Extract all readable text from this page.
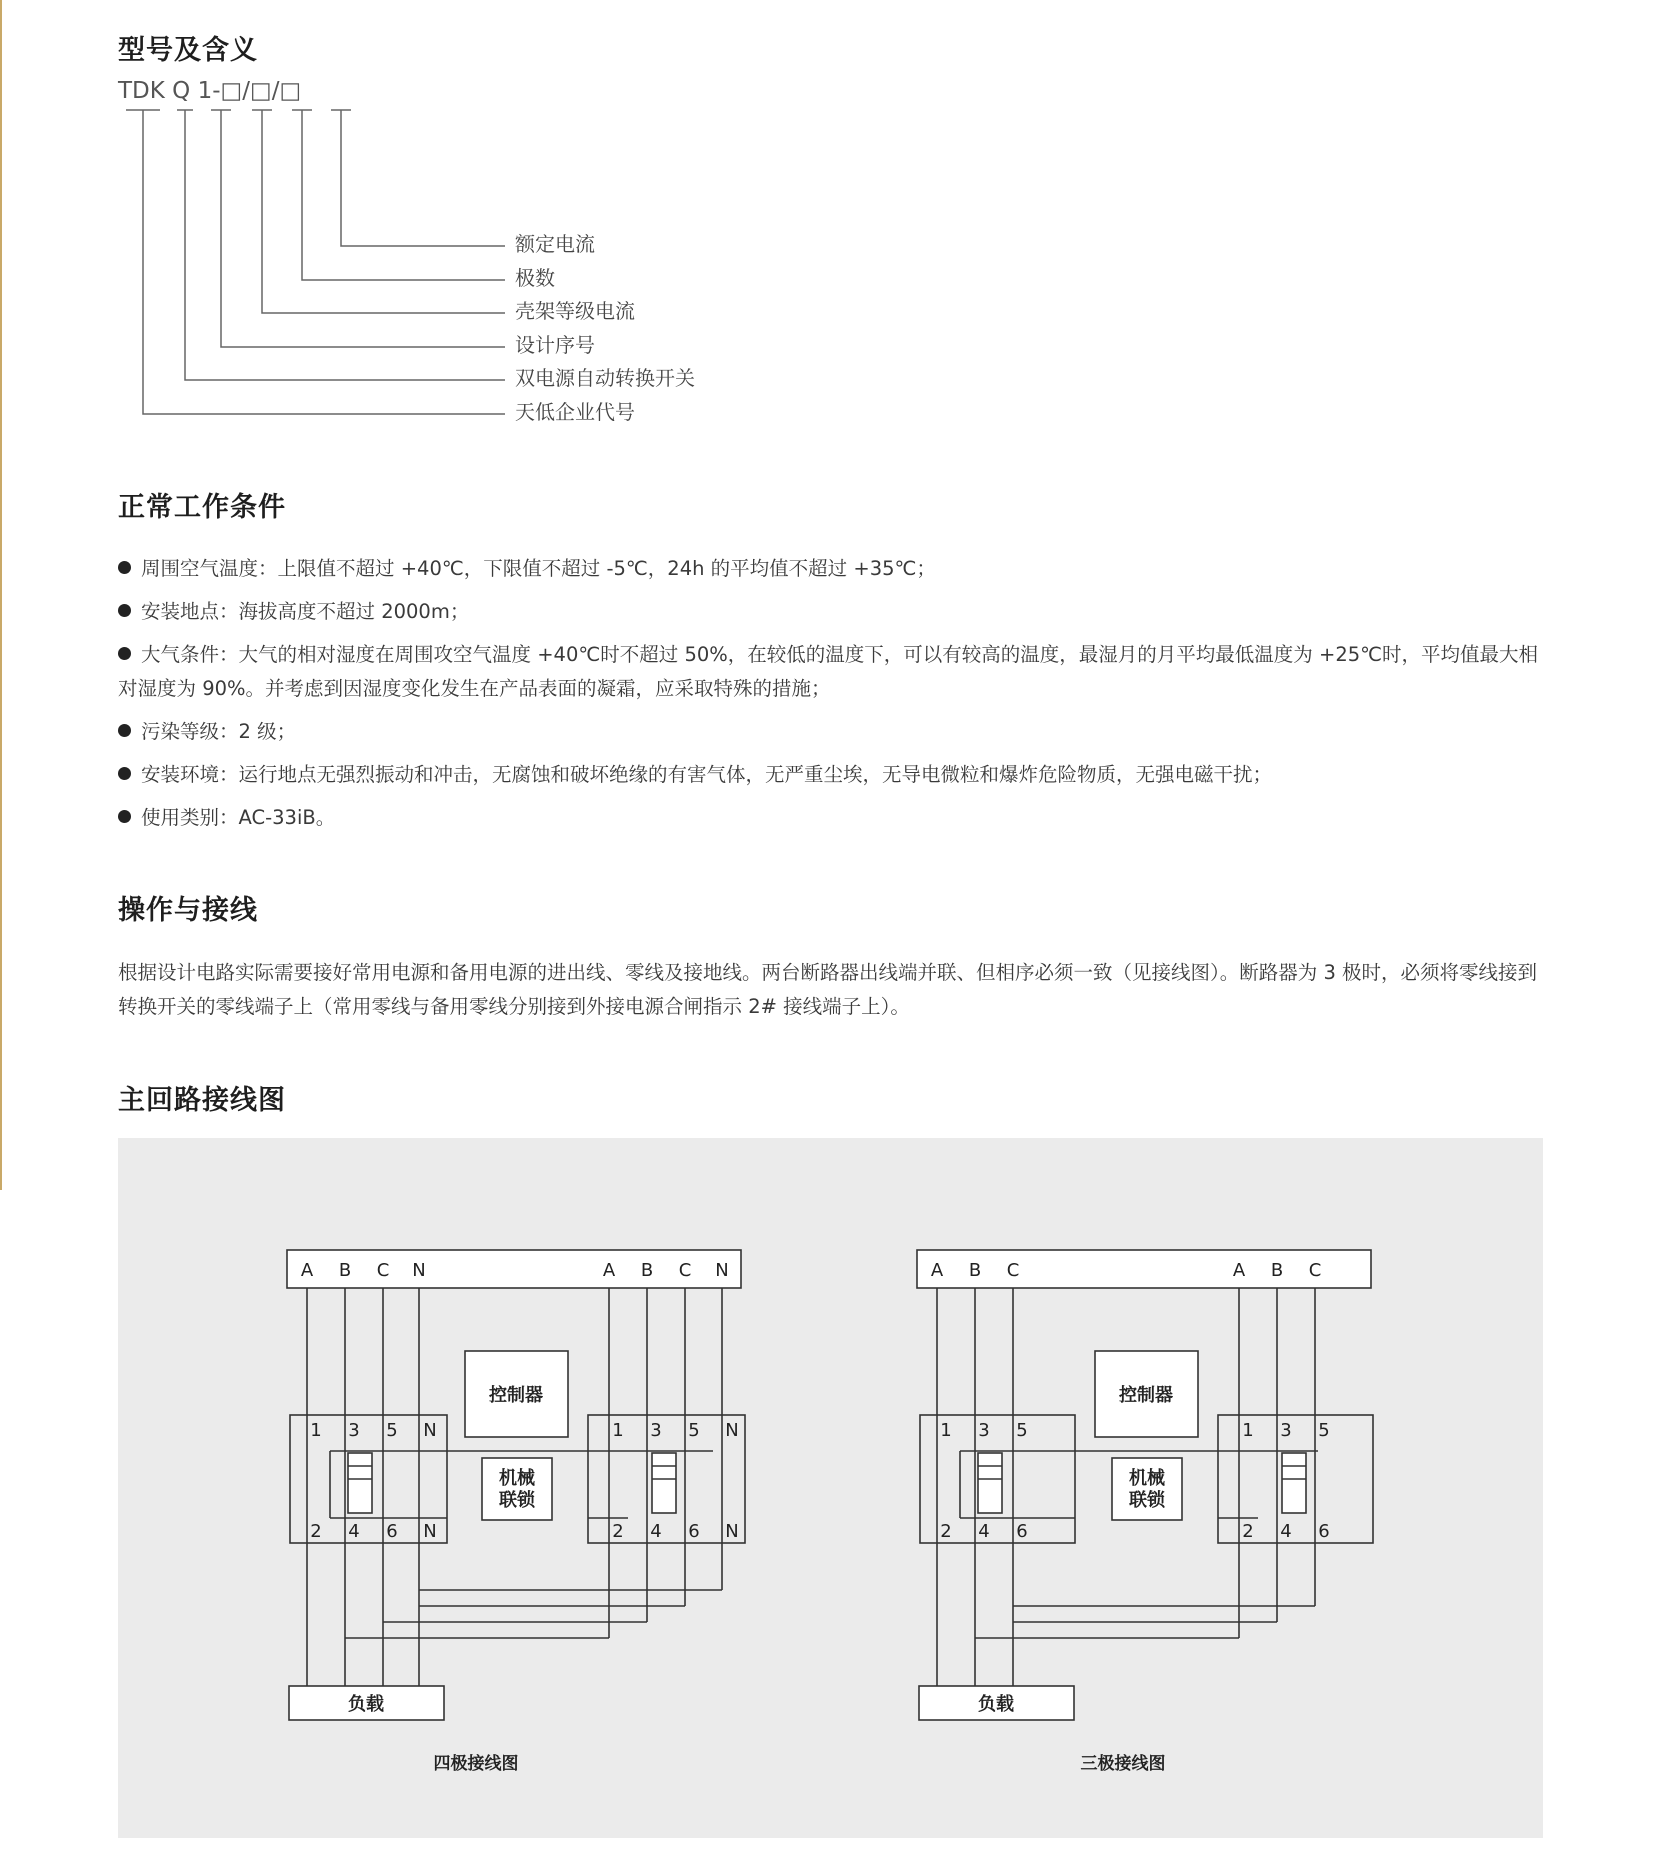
型号及含义
TDK Q 1-□/□/□
额定电流
极数
壳架等级电流
设计序号
双电源自动转换开关
天低企业代号
正常工作条件
周围空气温度：上限值不超过 +40℃，下限值不超过 -5℃，24h 的平均值不超过 +35℃；
安装地点：海拔高度不超过 2000m；
大气条件：大气的相对湿度在周围攻空气温度 +40℃时不超过 50%，在较低的温度下，可以有较高的温度，最湿月的月平均最低温度为 +25℃时，平均值最大相对湿度为 90%。并考虑到因湿度变化发生在产品表面的凝霜，应采取特殊的措施；
污染等级：2 级；
安装环境：运行地点无强烈振动和冲击，无腐蚀和破坏绝缘的有害气体，无严重尘埃，无导电微粒和爆炸危险物质，无强电磁干扰；
使用类别：AC-33iB。
操作与接线

根据设计电路实际需要接好常用电源和备用电源的进出线、零线及接地线。两台断路器出线端并联、但相序必须一致（见接线图）。断路器为 3 极时，必须将零线接到转换开关的零线端子上（常用零线与备用零线分别接到外接电源合闸指示 2# 接线端子上）。

主回路接线图
A B C N	A B C N
1 3 5 N
2 4 6 N
1 3 5 N
2 4 6 N
控制器
机械
联锁
负载
四极接线图
A B C	A B C
1 3 5
2 4 6
1 3 5
2 4 6
控制器
机械
联锁
负载
三极接线图
